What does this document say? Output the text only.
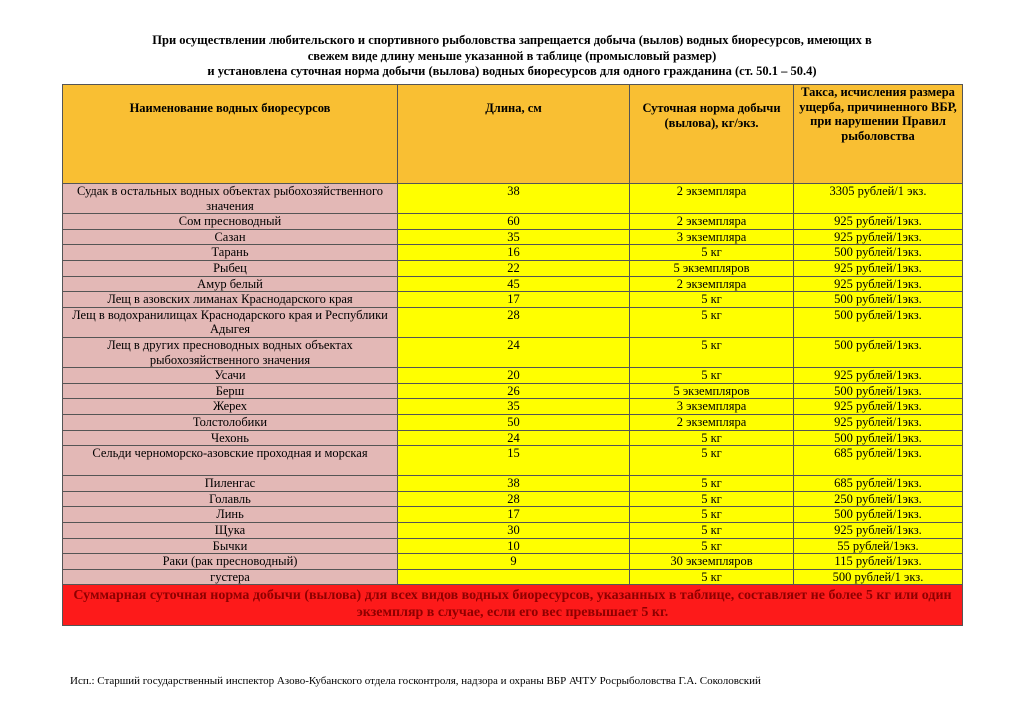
При осуществлении любительского и спортивного рыболовства запрещается добыча (вылов) водных биоресурсов, имеющих в
свежем виде длину меньше указанной в таблице (промысловый размер)
и установлена суточная норма добычи (вылова) водных биоресурсов для одного гражданина (ст. 50.1 – 50.4)
Наименование водных биоресурсов	Длина, см	Суточная норма добычи (вылова), кг/экз.	Такса, исчисления размера ущерба, причиненного ВБР, при нарушении Правил рыболовства
Судак в остальных водных объектах рыбохозяйственного значения	38	2 экземпляра	3305 рублей/1 экз.
Сом пресноводный	60	2 экземпляра	925 рублей/1экз.
Сазан	35	3 экземпляра	925 рублей/1экз.
Тарань	16	5 кг	500 рублей/1экз.
Рыбец	22	5 экземпляров	925 рублей/1экз.
Амур белый	45	2 экземпляра	925 рублей/1экз.
Лещ в азовских лиманах Краснодарского края	17	5 кг	500 рублей/1экз.
Лещ в водохранилищах Краснодарского края и Республики Адыгея	28	5 кг	500 рублей/1экз.
Лещ в других пресноводных водных объектах рыбохозяйственного значения	24	5 кг	500 рублей/1экз.
Усачи	20	5 кг	925 рублей/1экз.
Берш	26	5 экземпляров	500 рублей/1экз.
Жерех	35	3 экземпляра	925 рублей/1экз.
Толстолобики	50	2 экземпляра	925 рублей/1экз.
Чехонь	24	5 кг	500 рублей/1экз.
Сельди черноморско-азовские проходная и морская	15	5 кг	685 рублей/1экз.
Пиленгас	38	5 кг	685 рублей/1экз.
Голавль	28	5 кг	250 рублей/1экз.
Линь	17	5 кг	500 рублей/1экз.
Щука	30	5 кг	925 рублей/1экз.
Бычки	10	5 кг	55 рублей/1экз.
Раки (рак пресноводный)	9	30 экземпляров	115 рублей/1экз.
густера		5 кг	500 рублей/1 экз.
Суммарная суточная норма добычи (вылова) для всех видов водных биоресурсов, указанных в таблице, составляет не более 5 кг или один экземпляр в случае, если его вес превышает 5 кг.			
Исп.: Старший государственный инспектор Азово-Кубанского отдела госконтроля, надзора и охраны ВБР АЧТУ Росрыболовства Г.А. Соколовский
